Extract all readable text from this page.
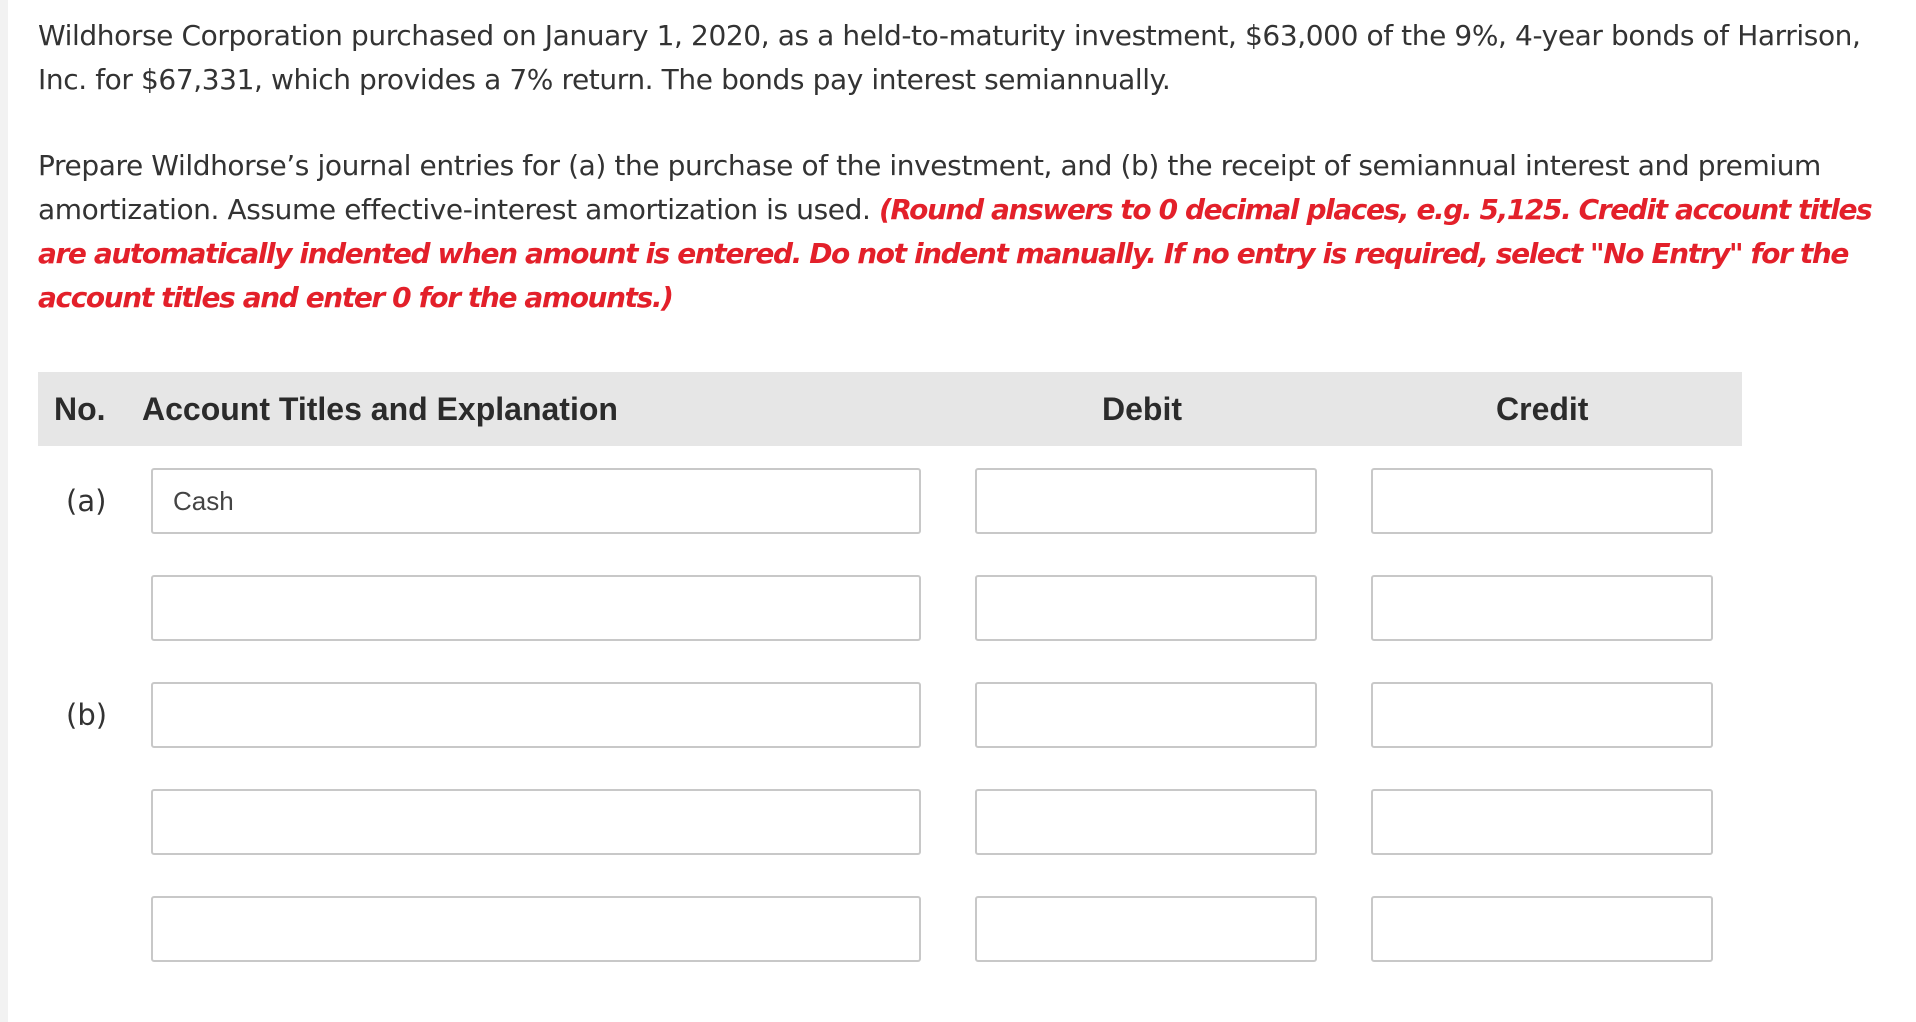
Wildhorse Corporation purchased on January 1, 2020, as a held-to-maturity investment, $63,000 of the 9%, 4-year bonds of Harrison, Inc. for $67,331, which provides a 7% return. The bonds pay interest semiannually.

Prepare Wildhorse’s journal entries for (a) the purchase of the investment, and (b) the receipt of semiannual interest and premium amortization. Assume effective-interest amortization is used. (Round answers to 0 decimal places, e.g. 5,125. Credit account titles are automatically indented when amount is entered. Do not indent manually. If no entry is required, select "No Entry" for the account titles and enter 0 for the amounts.)

No. Account Titles and Explanation	Debit	Credit
(a)
Cash
(b)
